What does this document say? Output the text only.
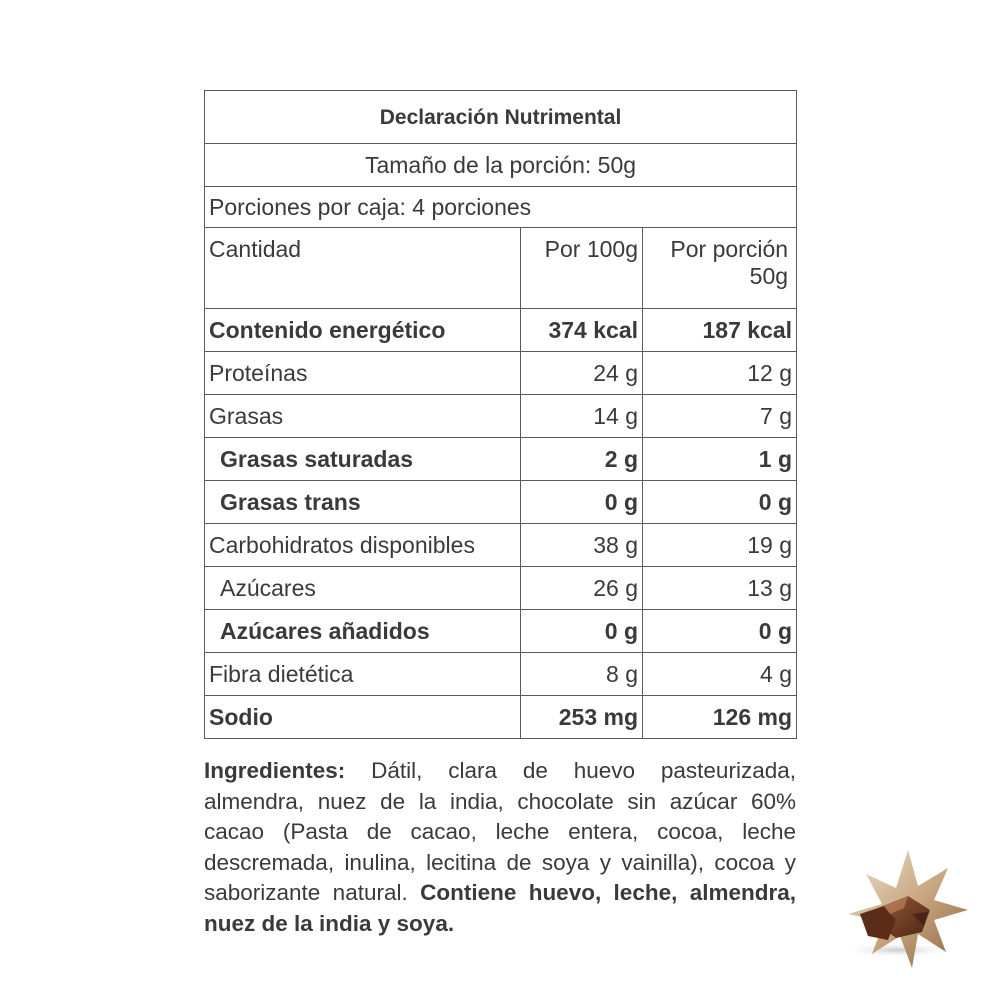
Declaración Nutrimental		
Tamaño de la porción: 50g		
Porciones por caja: 4 porciones		
Cantidad	Por 100g	Por porción 50g
Contenido energético	374 kcal	187 kcal
Proteínas	24 g	12 g
Grasas	14 g	7 g
Grasas saturadas	2 g	1 g
Grasas trans	0 g	0 g
Carbohidratos disponibles	38 g	19 g
Azúcares	26 g	13 g
Azúcares añadidos	0 g	0 g
Fibra dietética	8 g	4 g
Sodio	253 mg	126 mg

Ingredientes: Dátil, clara de huevo pasteurizada, almendra, nuez de la india, chocolate sin azúcar 60% cacao (Pasta de cacao, leche entera, cocoa, leche descremada, inulina, lecitina de soya y vainilla), cocoa y saborizante natural. Contiene huevo, leche, almendra, nuez de la india y soya.
